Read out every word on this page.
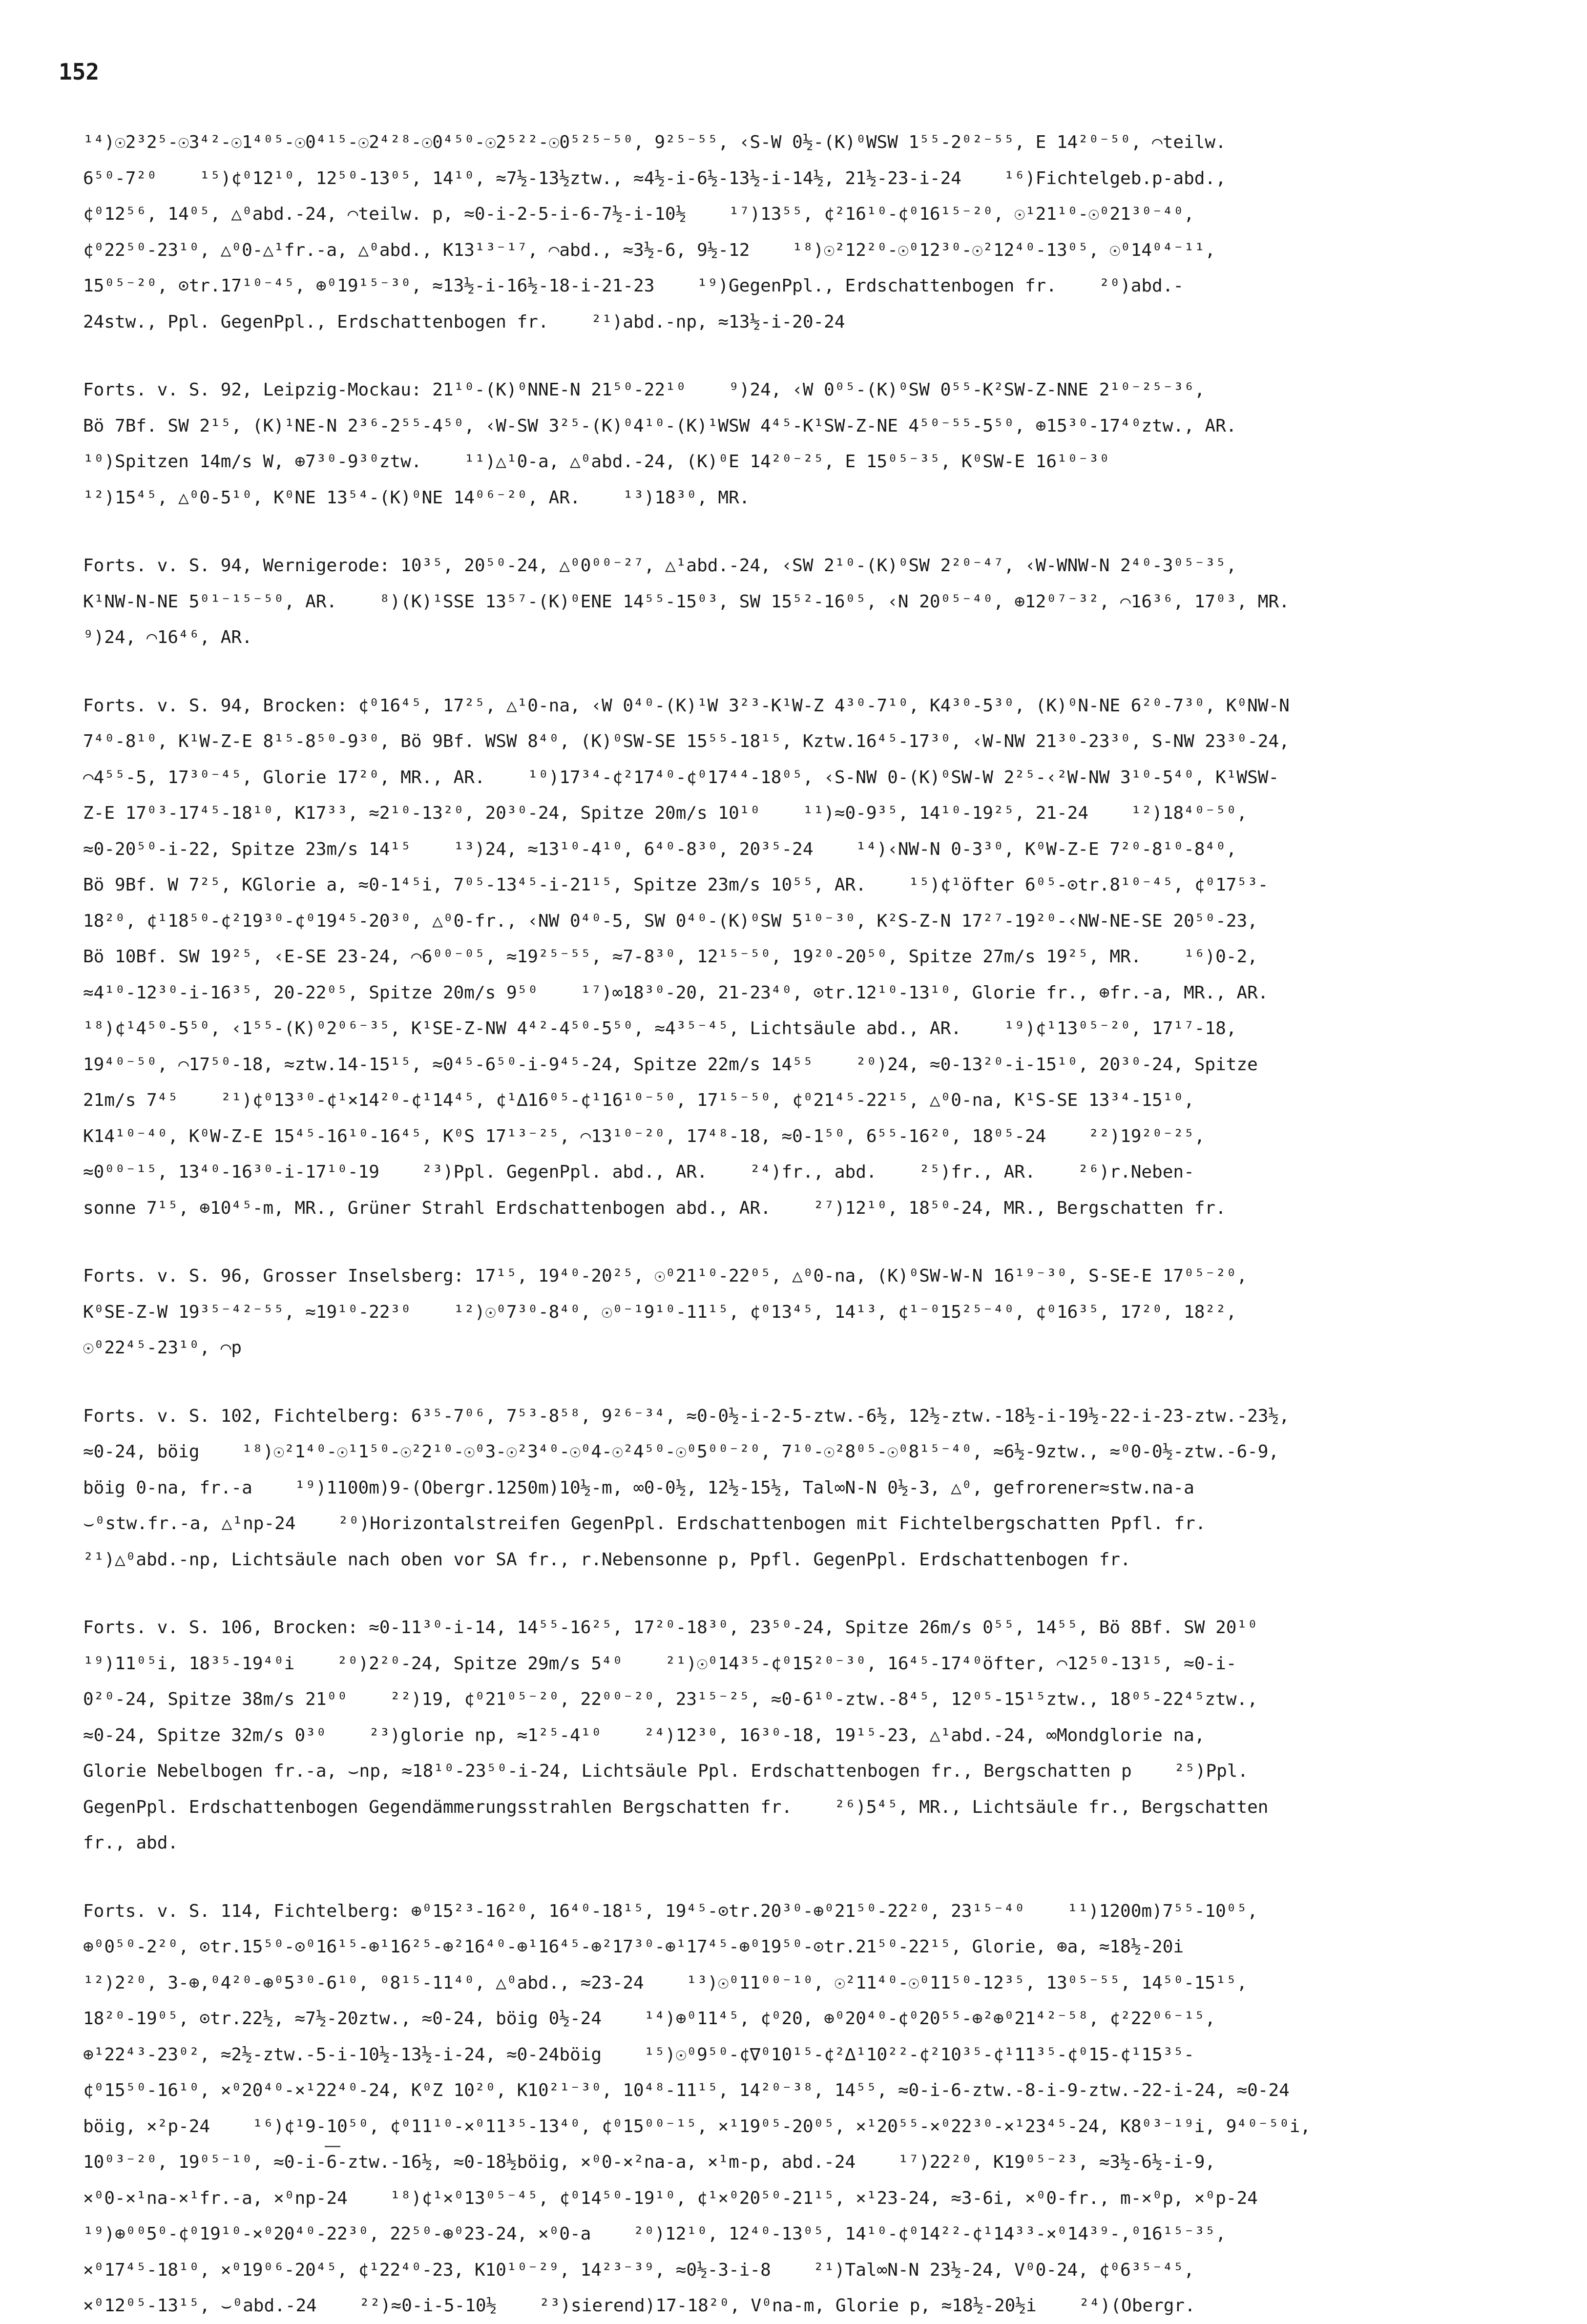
152
¹⁴)☉2³2⁵-☉3⁴²-☉1⁴⁰⁵-☉0⁴¹⁵-☉2⁴²⁸-☉0⁴⁵⁰-☉2⁵²²-☉0⁵²⁵⁻⁵⁰, 9²⁵⁻⁵⁵, ‹S-W 0½-(K)⁰WSW 1⁵⁵-2⁰²⁻⁵⁵, E 14²⁰⁻⁵⁰, ⌒teilw.
6⁵⁰-7²⁰    ¹⁵)¢⁰12¹⁰, 12⁵⁰-13⁰⁵, 14¹⁰, ≈7½-13½ztw., ≈4½-i-6½-13½-i-14½, 21½-23-i-24    ¹⁶)Fichtelgeb.p-abd.,
¢⁰12⁵⁶, 14⁰⁵, △⁰abd.-24, ⌒teilw. p, ≈0-i-2-5-i-6-7½-i-10½    ¹⁷)13⁵⁵, ¢²16¹⁰-¢⁰16¹⁵⁻²⁰, ☉¹21¹⁰-☉⁰21³⁰⁻⁴⁰,
¢⁰22⁵⁰-23¹⁰, △⁰0-△¹fr.-a, △⁰abd., K13¹³⁻¹⁷, ⌒abd., ≈3½-6, 9½-12    ¹⁸)☉²12²⁰-☉⁰12³⁰-☉²12⁴⁰-13⁰⁵, ☉⁰14⁰⁴⁻¹¹,
15⁰⁵⁻²⁰, ⊙tr.17¹⁰⁻⁴⁵, ⊕⁰19¹⁵⁻³⁰, ≈13½-i-16½-18-i-21-23    ¹⁹)GegenPpl., Erdschattenbogen fr.    ²⁰)abd.-
24stw., Ppl. GegenPpl., Erdschattenbogen fr.    ²¹)abd.-np, ≈13½-i-20-24
Forts. v. S. 92, Leipzig-Mockau: 21¹⁰-(K)⁰NNE-N 21⁵⁰-22¹⁰    ⁹)24, ‹W 0⁰⁵-(K)⁰SW 0⁵⁵-K²SW-Z-NNE 2¹⁰⁻²⁵⁻³⁶,
Bö 7Bf. SW 2¹⁵, (K)¹NE-N 2³⁶-2⁵⁵-4⁵⁰, ‹W-SW 3²⁵-(K)⁰4¹⁰-(K)¹WSW 4⁴⁵-K¹SW-Z-NE 4⁵⁰⁻⁵⁵-5⁵⁰, ⊕15³⁰-17⁴⁰ztw., AR.
¹⁰)Spitzen 14m/s W, ⊕7³⁰-9³⁰ztw.    ¹¹)△¹0-a, △⁰abd.-24, (K)⁰E 14²⁰⁻²⁵, E 15⁰⁵⁻³⁵, K⁰SW-E 16¹⁰⁻³⁰
¹²)15⁴⁵, △⁰0-5¹⁰, K⁰NE 13⁵⁴-(K)⁰NE 14⁰⁶⁻²⁰, AR.    ¹³)18³⁰, MR.
Forts. v. S. 94, Wernigerode: 10³⁵, 20⁵⁰-24, △⁰0⁰⁰⁻²⁷, △¹abd.-24, ‹SW 2¹⁰-(K)⁰SW 2²⁰⁻⁴⁷, ‹W-WNW-N 2⁴⁰-3⁰⁵⁻³⁵,
K¹NW-N-NE 5⁰¹⁻¹⁵⁻⁵⁰, AR.    ⁸)(K)¹SSE 13⁵⁷-(K)⁰ENE 14⁵⁵-15⁰³, SW 15⁵²-16⁰⁵, ‹N 20⁰⁵⁻⁴⁰, ⊕12⁰⁷⁻³², ⌒16³⁶, 17⁰³, MR.
⁹)24, ⌒16⁴⁶, AR.
Forts. v. S. 94, Brocken: ¢⁰16⁴⁵, 17²⁵, △¹0-na, ‹W 0⁴⁰-(K)¹W 3²³-K¹W-Z 4³⁰-7¹⁰, K4³⁰-5³⁰, (K)⁰N-NE 6²⁰-7³⁰, K⁰NW-N
7⁴⁰-8¹⁰, K¹W-Z-E 8¹⁵-8⁵⁰-9³⁰, Bö 9Bf. WSW 8⁴⁰, (K)⁰SW-SE 15⁵⁵-18¹⁵, Kztw.16⁴⁵-17³⁰, ‹W-NW 21³⁰-23³⁰, S-NW 23³⁰-24,
⌒4⁵⁵-5, 17³⁰⁻⁴⁵, Glorie 17²⁰, MR., AR.    ¹⁰)17³⁴-¢²17⁴⁰-¢⁰17⁴⁴-18⁰⁵, ‹S-NW 0-(K)⁰SW-W 2²⁵-‹²W-NW 3¹⁰-5⁴⁰, K¹WSW-
Z-E 17⁰³-17⁴⁵-18¹⁰, K17³³, ≈2¹⁰-13²⁰, 20³⁰-24, Spitze 20m/s 10¹⁰    ¹¹)≈0-9³⁵, 14¹⁰-19²⁵, 21-24    ¹²)18⁴⁰⁻⁵⁰,
≈0-20⁵⁰-i-22, Spitze 23m/s 14¹⁵    ¹³)24, ≈13¹⁰-4¹⁰, 6⁴⁰-8³⁰, 20³⁵-24    ¹⁴)‹NW-N 0-3³⁰, K⁰W-Z-E 7²⁰-8¹⁰-8⁴⁰,
Bö 9Bf. W 7²⁵, KGlorie a, ≈0-1⁴⁵i, 7⁰⁵-13⁴⁵-i-21¹⁵, Spitze 23m/s 10⁵⁵, AR.    ¹⁵)¢¹öfter 6⁰⁵-⊙tr.8¹⁰⁻⁴⁵, ¢⁰17⁵³-
18²⁰, ¢¹18⁵⁰-¢²19³⁰-¢⁰19⁴⁵-20³⁰, △⁰0-fr., ‹NW 0⁴⁰-5, SW 0⁴⁰-(K)⁰SW 5¹⁰⁻³⁰, K²S-Z-N 17²⁷-19²⁰-‹NW-NE-SE 20⁵⁰-23,
Bö 10Bf. SW 19²⁵, ‹E-SE 23-24, ⌒6⁰⁰⁻⁰⁵, ≈19²⁵⁻⁵⁵, ≈7-8³⁰, 12¹⁵⁻⁵⁰, 19²⁰-20⁵⁰, Spitze 27m/s 19²⁵, MR.    ¹⁶)0-2,
≈4¹⁰-12³⁰-i-16³⁵, 20-22⁰⁵, Spitze 20m/s 9⁵⁰    ¹⁷)∞18³⁰-20, 21-23⁴⁰, ⊙tr.12¹⁰-13¹⁰, Glorie fr., ⊕fr.-a, MR., AR.
¹⁸)¢¹4⁵⁰-5⁵⁰, ‹1⁵⁵-(K)⁰2⁰⁶⁻³⁵, K¹SE-Z-NW 4⁴²-4⁵⁰-5⁵⁰, ≈4³⁵⁻⁴⁵, Lichtsäule abd., AR.    ¹⁹)¢¹13⁰⁵⁻²⁰, 17¹⁷-18,
19⁴⁰⁻⁵⁰, ⌒17⁵⁰-18, ≈ztw.14-15¹⁵, ≈0⁴⁵-6⁵⁰-i-9⁴⁵-24, Spitze 22m/s 14⁵⁵    ²⁰)24, ≈0-13²⁰-i-15¹⁰, 20³⁰-24, Spitze
21m/s 7⁴⁵    ²¹)¢⁰13³⁰-¢¹×14²⁰-¢¹14⁴⁵, ¢¹∆16⁰⁵-¢¹16¹⁰⁻⁵⁰, 17¹⁵⁻⁵⁰, ¢⁰21⁴⁵-22¹⁵, △⁰0-na, K¹S-SE 13³⁴-15¹⁰,
K14¹⁰⁻⁴⁰, K⁰W-Z-E 15⁴⁵-16¹⁰-16⁴⁵, K⁰S 17¹³⁻²⁵, ⌒13¹⁰⁻²⁰, 17⁴⁸-18, ≈0-1⁵⁰, 6⁵⁵-16²⁰, 18⁰⁵-24    ²²)19²⁰⁻²⁵,
≈0⁰⁰⁻¹⁵, 13⁴⁰-16³⁰-i-17¹⁰-19    ²³)Ppl. GegenPpl. abd., AR.    ²⁴)fr., abd.    ²⁵)fr., AR.    ²⁶)r.Neben-
sonne 7¹⁵, ⊕10⁴⁵-m, MR., Grüner Strahl Erdschattenbogen abd., AR.    ²⁷)12¹⁰, 18⁵⁰-24, MR., Bergschatten fr.
Forts. v. S. 96, Grosser Inselsberg: 17¹⁵, 19⁴⁰-20²⁵, ☉⁰21¹⁰-22⁰⁵, △⁰0-na, (K)⁰SW-W-N 16¹⁹⁻³⁰, S-SE-E 17⁰⁵⁻²⁰,
K⁰SE-Z-W 19³⁵⁻⁴²⁻⁵⁵, ≈19¹⁰-22³⁰    ¹²)☉⁰7³⁰-8⁴⁰, ☉⁰⁻¹9¹⁰-11¹⁵, ¢⁰13⁴⁵, 14¹³, ¢¹⁻⁰15²⁵⁻⁴⁰, ¢⁰16³⁵, 17²⁰, 18²²,
☉⁰22⁴⁵-23¹⁰, ⌒p
Forts. v. S. 102, Fichtelberg: 6³⁵-7⁰⁶, 7⁵³-8⁵⁸, 9²⁶⁻³⁴, ≈0-0½-i-2-5-ztw.-6½, 12½-ztw.-18½-i-19½-22-i-23-ztw.-23½,
≈0-24, böig    ¹⁸)☉²1⁴⁰-☉¹1⁵⁰-☉²2¹⁰-☉⁰3-☉²3⁴⁰-☉⁰4-☉²4⁵⁰-☉⁰5⁰⁰⁻²⁰, 7¹⁰-☉²8⁰⁵-☉⁰8¹⁵⁻⁴⁰, ≈6½-9ztw., ≈⁰0-0½-ztw.-6-9,
böig 0-na, fr.-a    ¹⁹)1100m)9-(Obergr.1250m)10½-m, ∞0-0½, 12½-15½, Tal∞N-N 0½-3, △⁰, gefrorener≈stw.na-a
⌣⁰stw.fr.-a, △¹np-24    ²⁰)Horizontalstreifen GegenPpl. Erdschattenbogen mit Fichtelbergschatten Ppfl. fr.
²¹)△⁰abd.-np, Lichtsäule nach oben vor SA fr., r.Nebensonne p, Ppfl. GegenPpl. Erdschattenbogen fr.
Forts. v. S. 106, Brocken: ≈0-11³⁰-i-14, 14⁵⁵-16²⁵, 17²⁰-18³⁰, 23⁵⁰-24, Spitze 26m/s 0⁵⁵, 14⁵⁵, Bö 8Bf. SW 20¹⁰
¹⁹)11⁰⁵i, 18³⁵-19⁴⁰i    ²⁰)2²⁰-24, Spitze 29m/s 5⁴⁰    ²¹)☉⁰14³⁵-¢⁰15²⁰⁻³⁰, 16⁴⁵-17⁴⁰öfter, ⌒12⁵⁰-13¹⁵, ≈0-i-
0²⁰-24, Spitze 38m/s 21⁰⁰    ²²)19, ¢⁰21⁰⁵⁻²⁰, 22⁰⁰⁻²⁰, 23¹⁵⁻²⁵, ≈0-6¹⁰-ztw.-8⁴⁵, 12⁰⁵-15¹⁵ztw., 18⁰⁵-22⁴⁵ztw.,
≈0-24, Spitze 32m/s 0³⁰    ²³)glorie np, ≈1²⁵-4¹⁰    ²⁴)12³⁰, 16³⁰-18, 19¹⁵-23, △¹abd.-24, ∞Mondglorie na,
Glorie Nebelbogen fr.-a, ⌣np, ≈18¹⁰-23⁵⁰-i-24, Lichtsäule Ppl. Erdschattenbogen fr., Bergschatten p    ²⁵)Ppl.
GegenPpl. Erdschattenbogen Gegendämmerungsstrahlen Bergschatten fr.    ²⁶)5⁴⁵, MR., Lichtsäule fr., Bergschatten
fr., abd.
Forts. v. S. 114, Fichtelberg: ⊕⁰15²³-16²⁰, 16⁴⁰-18¹⁵, 19⁴⁵-⊙tr.20³⁰-⊕⁰21⁵⁰-22²⁰, 23¹⁵⁻⁴⁰    ¹¹)1200m)7⁵⁵-10⁰⁵,
⊕⁰0⁵⁰-2²⁰, ⊙tr.15⁵⁰-⊙⁰16¹⁵-⊕¹16²⁵-⊕²16⁴⁰-⊕¹16⁴⁵-⊕²17³⁰-⊕¹17⁴⁵-⊕⁰19⁵⁰-⊙tr.21⁵⁰-22¹⁵, Glorie, ⊕a, ≈18½-20i
¹²)2²⁰, 3-⊕,⁰4²⁰-⊕⁰5³⁰-6¹⁰, ⁰8¹⁵-11⁴⁰, △⁰abd., ≈23-24    ¹³)☉⁰11⁰⁰⁻¹⁰, ☉²11⁴⁰-☉⁰11⁵⁰-12³⁵, 13⁰⁵⁻⁵⁵, 14⁵⁰-15¹⁵,
18²⁰-19⁰⁵, ⊙tr.22½, ≈7½-20ztw., ≈0-24, böig 0½-24    ¹⁴)⊕⁰11⁴⁵, ¢⁰20, ⊕⁰20⁴⁰-¢⁰20⁵⁵-⊕²⊕⁰21⁴²⁻⁵⁸, ¢²22⁰⁶⁻¹⁵,
⊕¹22⁴³-23⁰², ≈2½-ztw.-5-i-10½-13½-i-24, ≈0-24böig    ¹⁵)☉⁰9⁵⁰-¢∇⁰10¹⁵-¢²∆¹10²²-¢²10³⁵-¢¹11³⁵-¢⁰15-¢¹15³⁵-
¢⁰15⁵⁰-16¹⁰, ×⁰20⁴⁰-×¹22⁴⁰-24, K⁰Z 10²⁰, K10²¹⁻³⁰, 10⁴⁸-11¹⁵, 14²⁰⁻³⁸, 14⁵⁵, ≈0-i-6-ztw.-8-i-9-ztw.-22-i-24, ≈0-24
böig, ×²p-24    ¹⁶)¢¹9-10⁵⁰, ¢⁰11¹⁰-×⁰11³⁵-13⁴⁰, ¢⁰15⁰⁰⁻¹⁵, ×¹19⁰⁵-20⁰⁵, ×¹20⁵⁵-×⁰22³⁰-×¹23⁴⁵-24, K8⁰³⁻¹⁹i, 9⁴⁰⁻⁵⁰i,
10⁰³⁻²⁰, 19⁰⁵⁻¹⁰, ≈0-i-6-ztw.-16½, ≈0-18½böig, ×⁰0-×²na-a, ×¹m-p, abd.-24    ¹⁷)22²⁰, K19⁰⁵⁻²³, ≈3½-6½-i-9,
×⁰0-×¹na-×¹fr.-a, ×⁰np-24    ¹⁸)¢¹×⁰13⁰⁵⁻⁴⁵, ¢⁰14⁵⁰-19¹⁰, ¢¹×⁰20⁵⁰-21¹⁵, ×¹23-24, ≈3-6i, ×⁰0-fr., m-×⁰p, ×⁰p-24
¹⁹)⊕⁰⁰5⁰-¢⁰19¹⁰-×⁰20⁴⁰-22³⁰, 22⁵⁰-⊕⁰23-24, ×⁰0-a    ²⁰)12¹⁰, 12⁴⁰-13⁰⁵, 14¹⁰-¢⁰14²²-¢¹14³³-×⁰14³⁹-,⁰16¹⁵⁻³⁵,
×⁰17⁴⁵-18¹⁰, ×⁰19⁰⁶-20⁴⁵, ¢¹22⁴⁰-23, K10¹⁰⁻²⁹, 14²³⁻³⁹, ≈0½-3-i-8    ²¹)Tal∞N-N 23½-24, V⁰0-24, ¢⁰6³⁵⁻⁴⁵,
×⁰12⁰⁵-13¹⁵, ⌣⁰abd.-24    ²²)≈0-i-5-10½    ²³)sierend)17-18²⁰, V⁰na-m, Glorie p, ≈18½-20½i    ²⁴)(Obergr.
